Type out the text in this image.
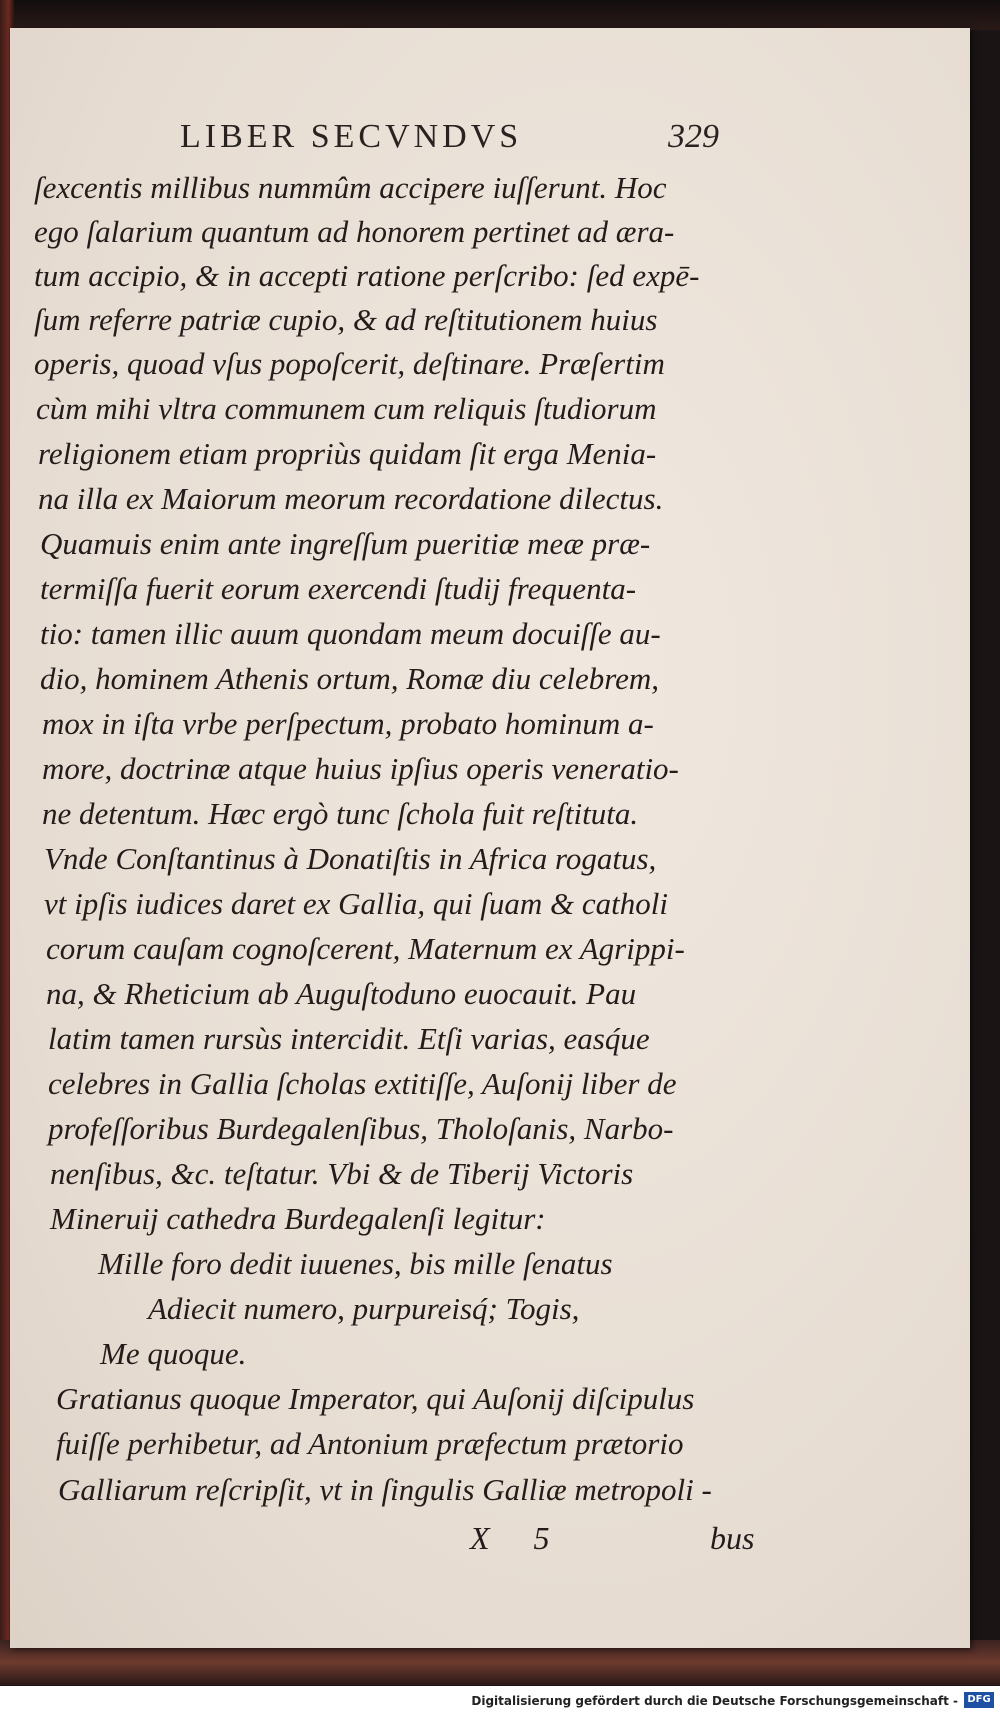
LIBER SECVNDVS	329
ſexcentis millibus nummûm accipere iuſſerunt. Hoc
ego ſalarium quantum ad honorem pertinet ad æra-
tum accipio, & in accepti ratione perſcribo: ſed expē-
ſum referre patriæ cupio, & ad reſtitutionem huius
operis, quoad vſus popoſcerit, deſtinare. Præſertim
cùm mihi vltra communem cum reliquis ſtudiorum
religionem etiam propriùs quidam ſit erga Menia-
na illa ex Maiorum meorum recordatione dilectus.
Quamuis enim ante ingreſſum pueritiæ meæ præ-
termiſſa fuerit eorum exercendi ſtudij frequenta-
tio: tamen illic auum quondam meum docuiſſe au-
dio, hominem Athenis ortum, Romæ diu celebrem,
mox in iſta vrbe perſpectum, probato hominum a-
more, doctrinæ atque huius ipſius operis veneratio-
ne detentum. Hæc ergò tunc ſchola fuit reſtituta.
Vnde Conſtantinus à Donatiſtis in Africa rogatus,
vt ipſis iudices daret ex Gallia, qui ſuam & catholi
corum cauſam cognoſcerent, Maternum ex Agrippi-
na, & Rheticium ab Auguſtoduno euocauit. Pau
latim tamen rursùs intercidit. Etſi varias, easq́ue
celebres in Gallia ſcholas extitiſſe, Auſonij liber de
profeſſoribus Burdegalenſibus, Tholoſanis, Narbo-
nenſibus, &c. teſtatur. Vbi & de Tiberij Victoris
Mineruij cathedra Burdegalenſi legitur:
Mille foro dedit iuuenes, bis mille ſenatus
Adiecit numero, purpureisq́; Togis,
Me quoque.
Gratianus quoque Imperator, qui Auſonij diſcipulus
fuiſſe perhibetur, ad Antonium præfectum prætorio
Galliarum reſcripſit, vt in ſingulis Galliæ metropoli -
X 5	bus
Digitalisierung gefördert durch die Deutsche Forschungsgemeinschaft - DFG
